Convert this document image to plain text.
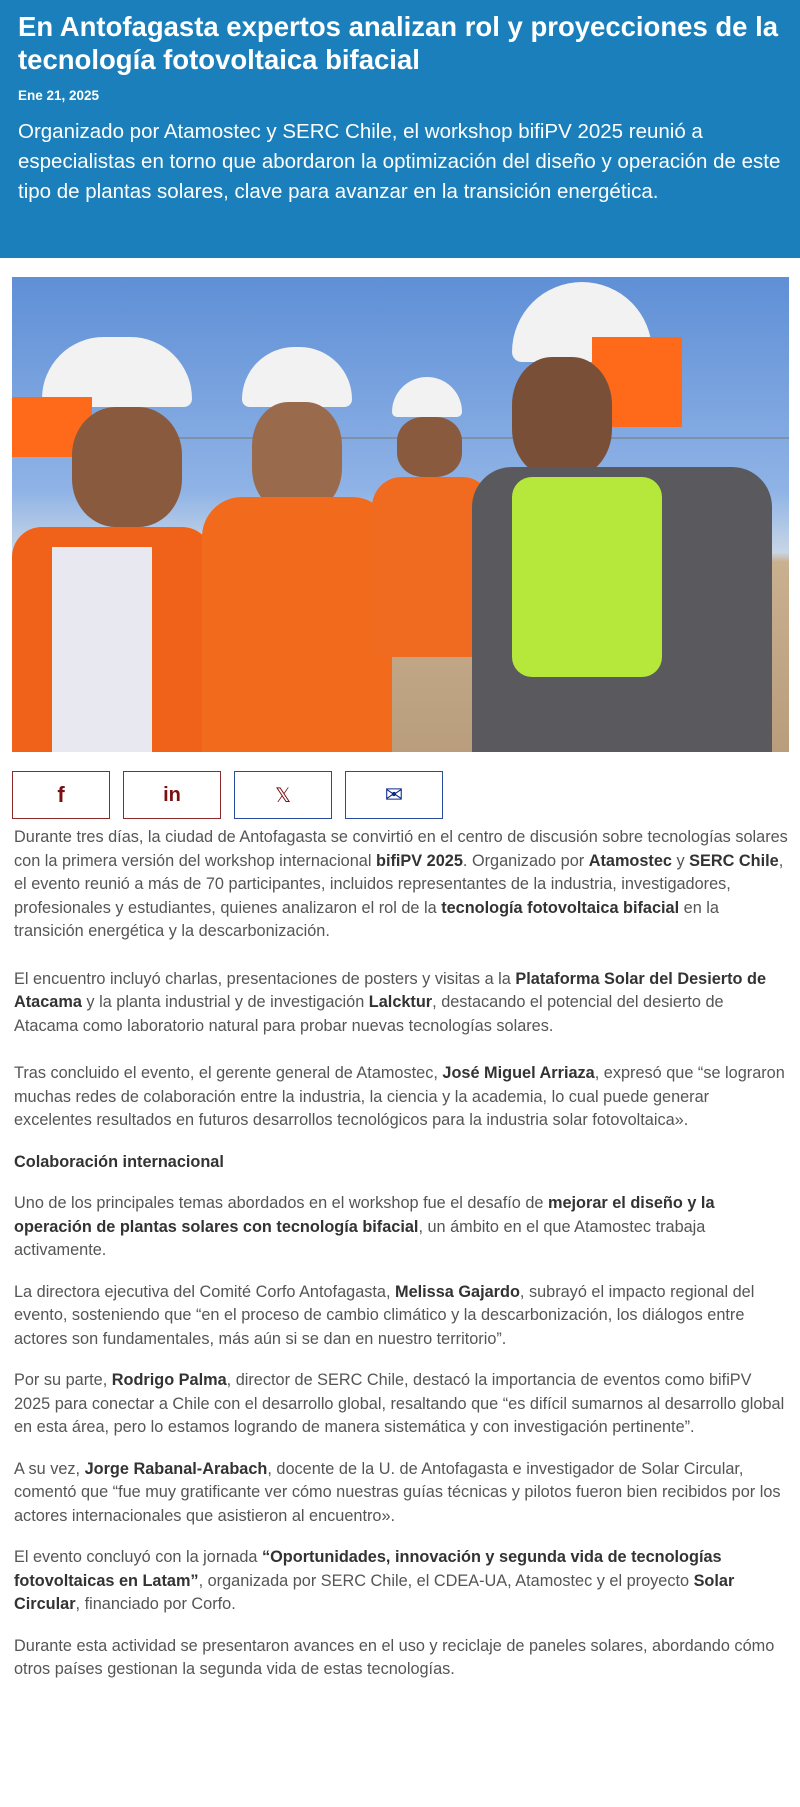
En Antofagasta expertos analizan rol y proyecciones de la tecnología fotovoltaica bifacial
Ene 21, 2025

Organizado por Atamostec y SERC Chile, el workshop bifiPV 2025 reunió a especialistas en torno que abordaron la optimización del diseño y operación de este tipo de plantas solares, clave para avanzar en la transición energética.

f	in	𝕏	✉

Durante tres días, la ciudad de Antofagasta se convirtió en el centro de discusión sobre tecnologías solares con la primera versión del workshop internacional bifiPV 2025. Organizado por Atamostec y SERC Chile, el evento reunió a más de 70 participantes, incluidos representantes de la industria, investigadores, profesionales y estudiantes, quienes analizaron el rol de la tecnología fotovoltaica bifacial en la transición energética y la descarbonización.

El encuentro incluyó charlas, presentaciones de posters y visitas a la Plataforma Solar del Desierto de Atacama y la planta industrial y de investigación Lalcktur, destacando el potencial del desierto de Atacama como laboratorio natural para probar nuevas tecnologías solares.

Tras concluido el evento, el gerente general de Atamostec, José Miguel Arriaza, expresó que “se lograron muchas redes de colaboración entre la industria, la ciencia y la academia, lo cual puede generar excelentes resultados en futuros desarrollos tecnológicos para la industria solar fotovoltaica».

Colaboración internacional

Uno de los principales temas abordados en el workshop fue el desafío de mejorar el diseño y la operación de plantas solares con tecnología bifacial, un ámbito en el que Atamostec trabaja activamente.

La directora ejecutiva del Comité Corfo Antofagasta, Melissa Gajardo, subrayó el impacto regional del evento, sosteniendo que “en el proceso de cambio climático y la descarbonización, los diálogos entre actores son fundamentales, más aún si se dan en nuestro territorio”.

Por su parte, Rodrigo Palma, director de SERC Chile, destacó la importancia de eventos como bifiPV 2025 para conectar a Chile con el desarrollo global, resaltando que “es difícil sumarnos al desarrollo global en esta área, pero lo estamos logrando de manera sistemática y con investigación pertinente”.

A su vez, Jorge Rabanal-Arabach, docente de la U. de Antofagasta e investigador de Solar Circular, comentó que “fue muy gratificante ver cómo nuestras guías técnicas y pilotos fueron bien recibidos por los actores internacionales que asistieron al encuentro».

El evento concluyó con la jornada “Oportunidades, innovación y segunda vida de tecnologías fotovoltaicas en Latam”, organizada por SERC Chile, el CDEA-UA, Atamostec y el proyecto Solar Circular, financiado por Corfo.

Durante esta actividad se presentaron avances en el uso y reciclaje de paneles solares, abordando cómo otros países gestionan la segunda vida de estas tecnologías.
